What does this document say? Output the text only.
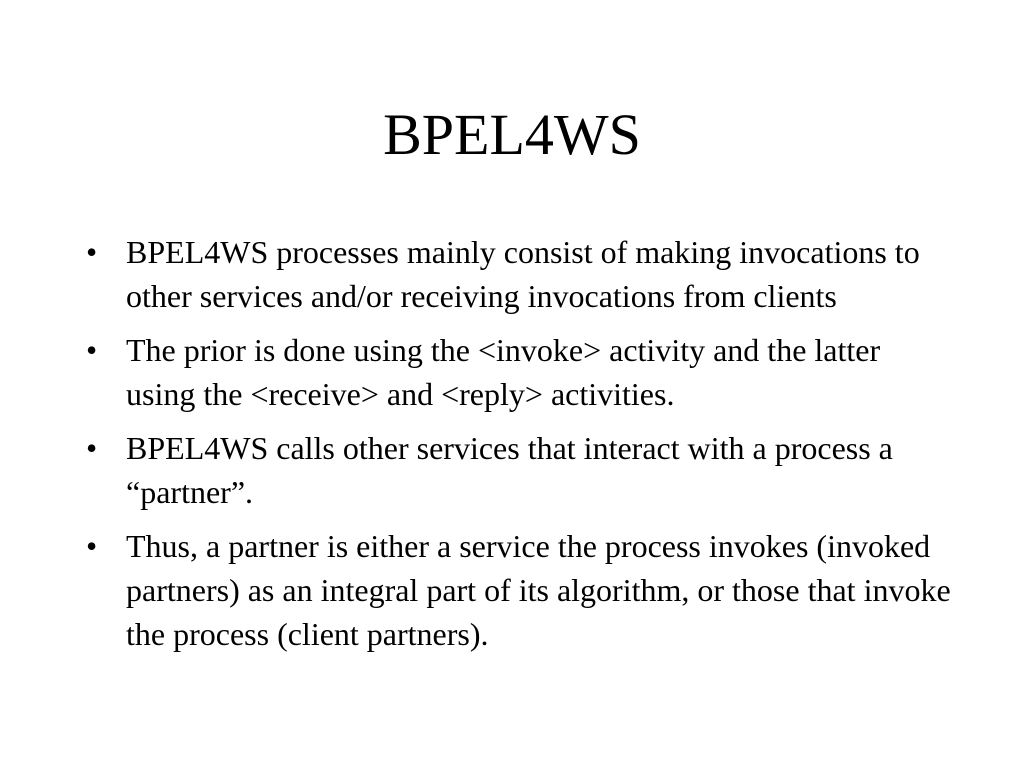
BPEL4WS
• BPEL4WS processes mainly consist of making invocations to other services and/or receiving invocations from clients
• The prior is done using the <invoke> activity and the latter using the <receive> and <reply> activities.
• BPEL4WS calls other services that interact with a process a “partner”.
• Thus, a partner is either a service the process invokes (invoked partners) as an integral part of its algorithm, or those that invoke the process (client partners).
